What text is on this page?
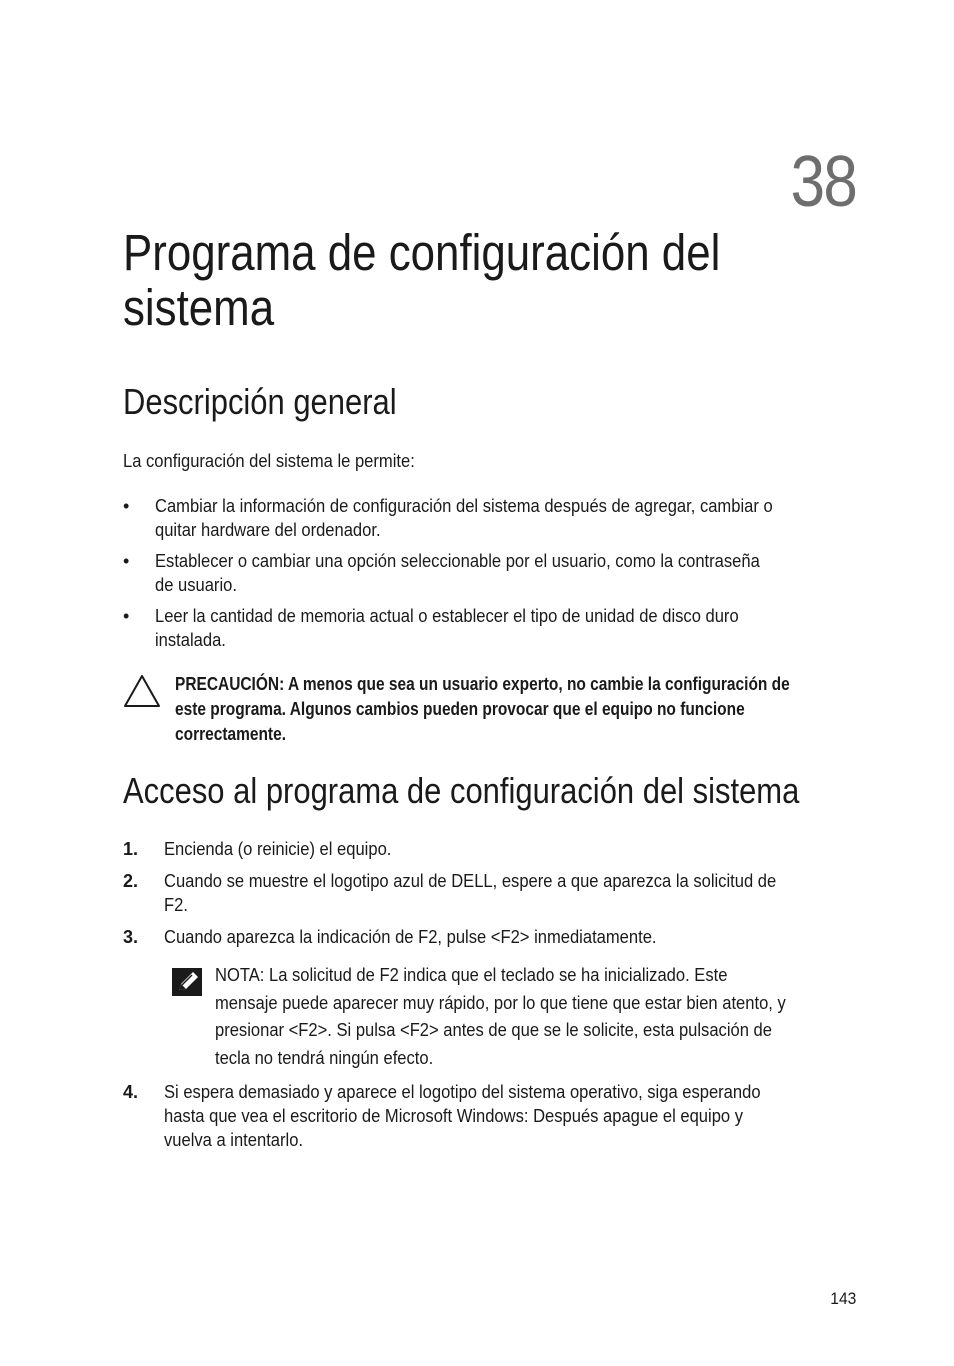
38
Programa de configuración del
sistema
Descripción general

La configuración del sistema le permite:

•	Cambiar la información de configuración del sistema después de agregar, cambiar o
quitar hardware del ordenador.
•	Establecer o cambiar una opción seleccionable por el usuario, como la contraseña
de usuario.
•	Leer la cantidad de memoria actual o establecer el tipo de unidad de disco duro
instalada.
PRECAUCIÓN: A menos que sea un usuario experto, no cambie la configuración de
este programa. Algunos cambios pueden provocar que el equipo no funcione
correctamente.
Acceso al programa de configuración del sistema
1. Encienda (o reinicie) el equipo.
2. Cuando se muestre el logotipo azul de DELL, espere a que aparezca la solicitud de
F2.
3. Cuando aparezca la indicación de F2, pulse <F2> inmediatamente.
NOTA: La solicitud de F2 indica que el teclado se ha inicializado. Este
mensaje puede aparecer muy rápido, por lo que tiene que estar bien atento, y
presionar <F2>. Si pulsa <F2> antes de que se le solicite, esta pulsación de
tecla no tendrá ningún efecto.
4. Si espera demasiado y aparece el logotipo del sistema operativo, siga esperando
hasta que vea el escritorio de Microsoft Windows: Después apague el equipo y
vuelva a intentarlo.
143
